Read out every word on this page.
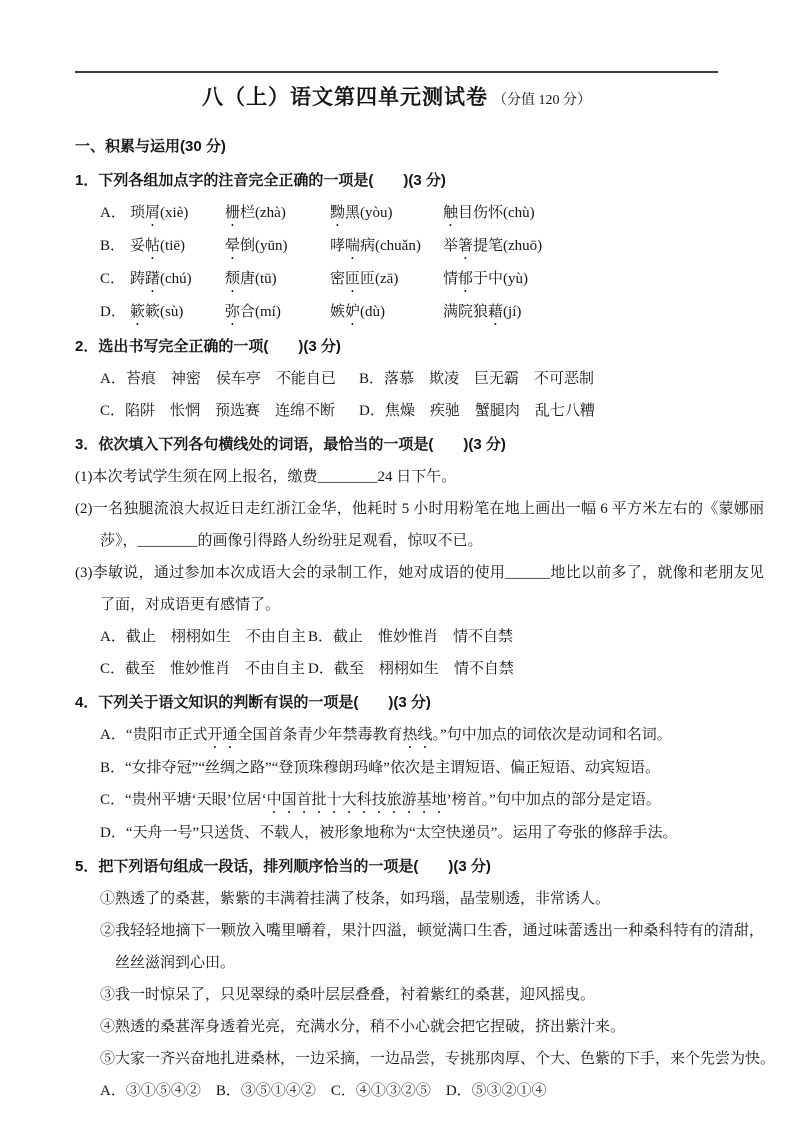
八（上）语文第四单元测试卷 （分值 120 分）
一、积累与运用(30 分)
1．下列各组加点字的注音完全正确的一项是(　　)(3 分)
A． 琐屑(xiè) 栅栏(zhà)	黝黑(yòu)	触目伤怀(chù)
B． 妥帖(tiē)	晕倒(yūn)	哮喘病(chuǎn) 举箸提笔(zhuō)
C． 踌躇(chú) 颓唐(tū)	密匝匝(zā)	情郁于中(yù)
D． 簌簌(sù)	弥合(mí)	嫉妒(dù)	满院狼藉(jí)
2．选出书写完全正确的一项(　　)(3 分)
A．苔痕　神密　侯车亭　不能自已 B．落慕　欺凌　巨无霸　不可恶制
C．陷阱　怅惘　预选赛　连绵不断 D．焦燥　疾驰　蟹腿肉　乱七八糟
3．依次填入下列各句横线处的词语，最恰当的一项是(　　)(3 分)
(1)本次考试学生须在网上报名，缴费________24 日下午。
(2)一名独腿流浪大叔近日走红浙江金华，他耗时 5 小时用粉笔在地上画出一幅 6 平方米左右的《蒙娜丽莎》，________的画像引得路人纷纷驻足观看，惊叹不已。
(3)李敏说，通过参加本次成语大会的录制工作，她对成语的使用______地比以前多了，就像和老朋友见了面，对成语更有感情了。
A．截止　栩栩如生　不由自主 B．截止　惟妙惟肖　情不自禁
C．截至　惟妙惟肖　不由自主 D．截至　栩栩如生　情不自禁
4．下列关于语文知识的判断有误的一项是(　　)(3 分)
A．“贵阳市正式开通全国首条青少年禁毒教育热线。”句中加点的词依次是动词和名词。
B．“女排夺冠”“丝绸之路”“登顶珠穆朗玛峰”依次是主谓短语、偏正短语、动宾短语。
C．“贵州平塘‘天眼’位居‘中国首批十大科技旅游基地’榜首。”句中加点的部分是定语。
D．“天舟一号”只送货、不载人，被形象地称为“太空快递员”。运用了夸张的修辞手法。
5．把下列语句组成一段话，排列顺序恰当的一项是(　　)(3 分)
①熟透了的桑葚，紫紫的丰满着挂满了枝条，如玛瑙，晶莹剔透，非常诱人。
②我轻轻地摘下一颗放入嘴里嚼着，果汁四溢，顿觉满口生香，通过味蕾透出一种桑科特有的清甜，丝丝滋润到心田。
③我一时惊呆了，只见翠绿的桑叶层层叠叠，衬着紫红的桑葚，迎风摇曳。
④熟透的桑葚浑身透着光亮，充满水分，稍不小心就会把它捏破，挤出紫汁来。
⑤大家一齐兴奋地扎进桑林，一边采摘，一边品尝，专挑那肉厚、个大、色紫的下手，来个先尝为快。
A．③①⑤④②　B．③⑤①④②　C．④①③②⑤　D．⑤③②①④
